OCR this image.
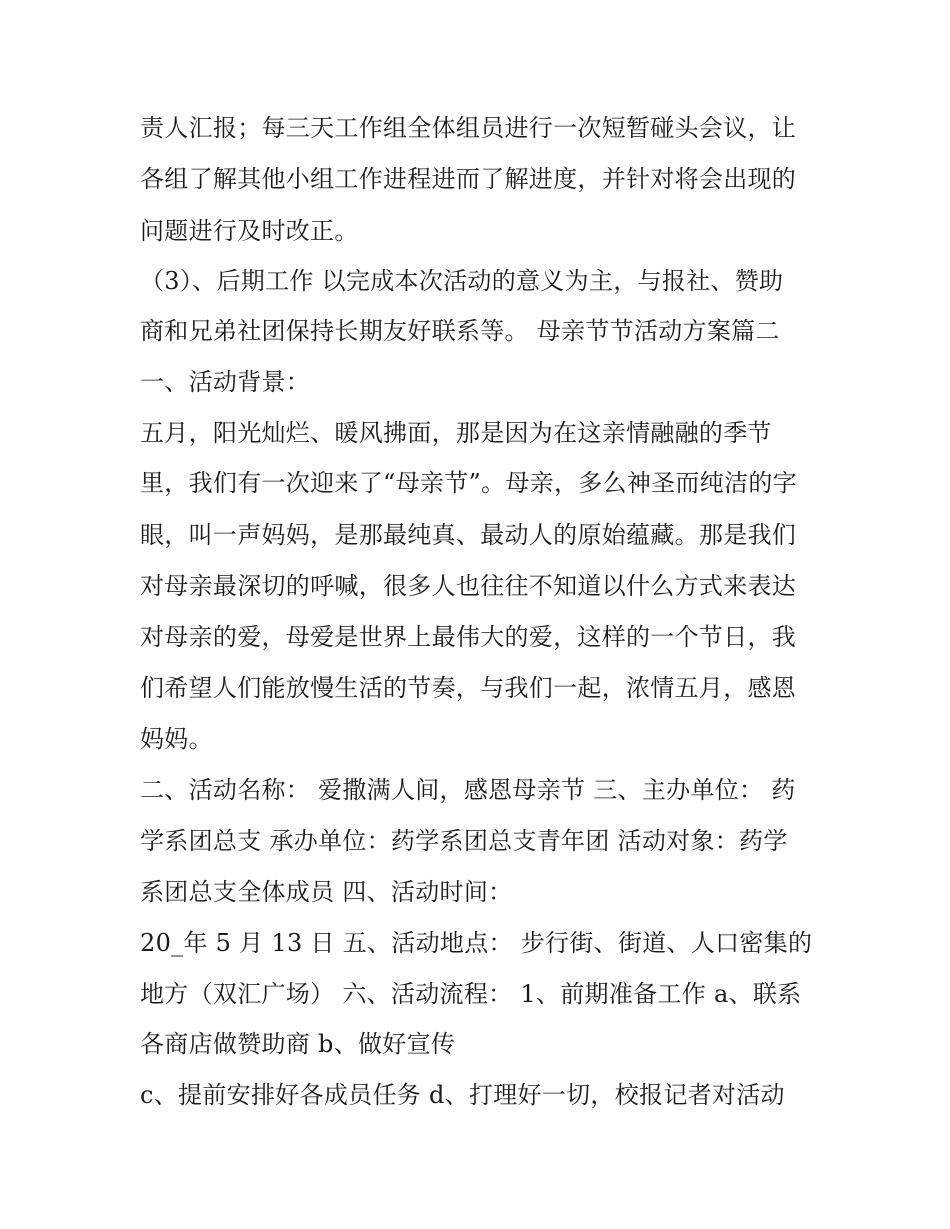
责人汇报；每三天工作组全体组员进行一次短暂碰头会议，让

各组了解其他小组工作进程进而了解进度，并针对将会出现的

问题进行及时改正。

（3）、后期工作 以完成本次活动的意义为主，与报社、赞助

商和兄弟社团保持长期友好联系等。 母亲节节活动方案篇二

一、活动背景：

五月，阳光灿烂、暖风拂面，那是因为在这亲情融融的季节

里，我们有一次迎来了“母亲节”。母亲，多么神圣而纯洁的字

眼，叫一声妈妈，是那最纯真、最动人的原始蕴藏。那是我们

对母亲最深切的呼喊，很多人也往往不知道以什么方式来表达

对母亲的爱，母爱是世界上最伟大的爱，这样的一个节日，我

们希望人们能放慢生活的节奏，与我们一起，浓情五月，感恩

妈妈。

二、活动名称： 爱撒满人间，感恩母亲节 三、主办单位： 药

学系团总支 承办单位：药学系团总支青年团 活动对象：药学

系团总支全体成员 四、活动时间：

20_年 5 月 13 日 五、活动地点： 步行街、街道、人口密集的

地方（双汇广场） 六、活动流程： 1、前期准备工作 a、联系

各商店做赞助商 b、做好宣传

c、提前安排好各成员任务 d、打理好一切，校报记者对活动
